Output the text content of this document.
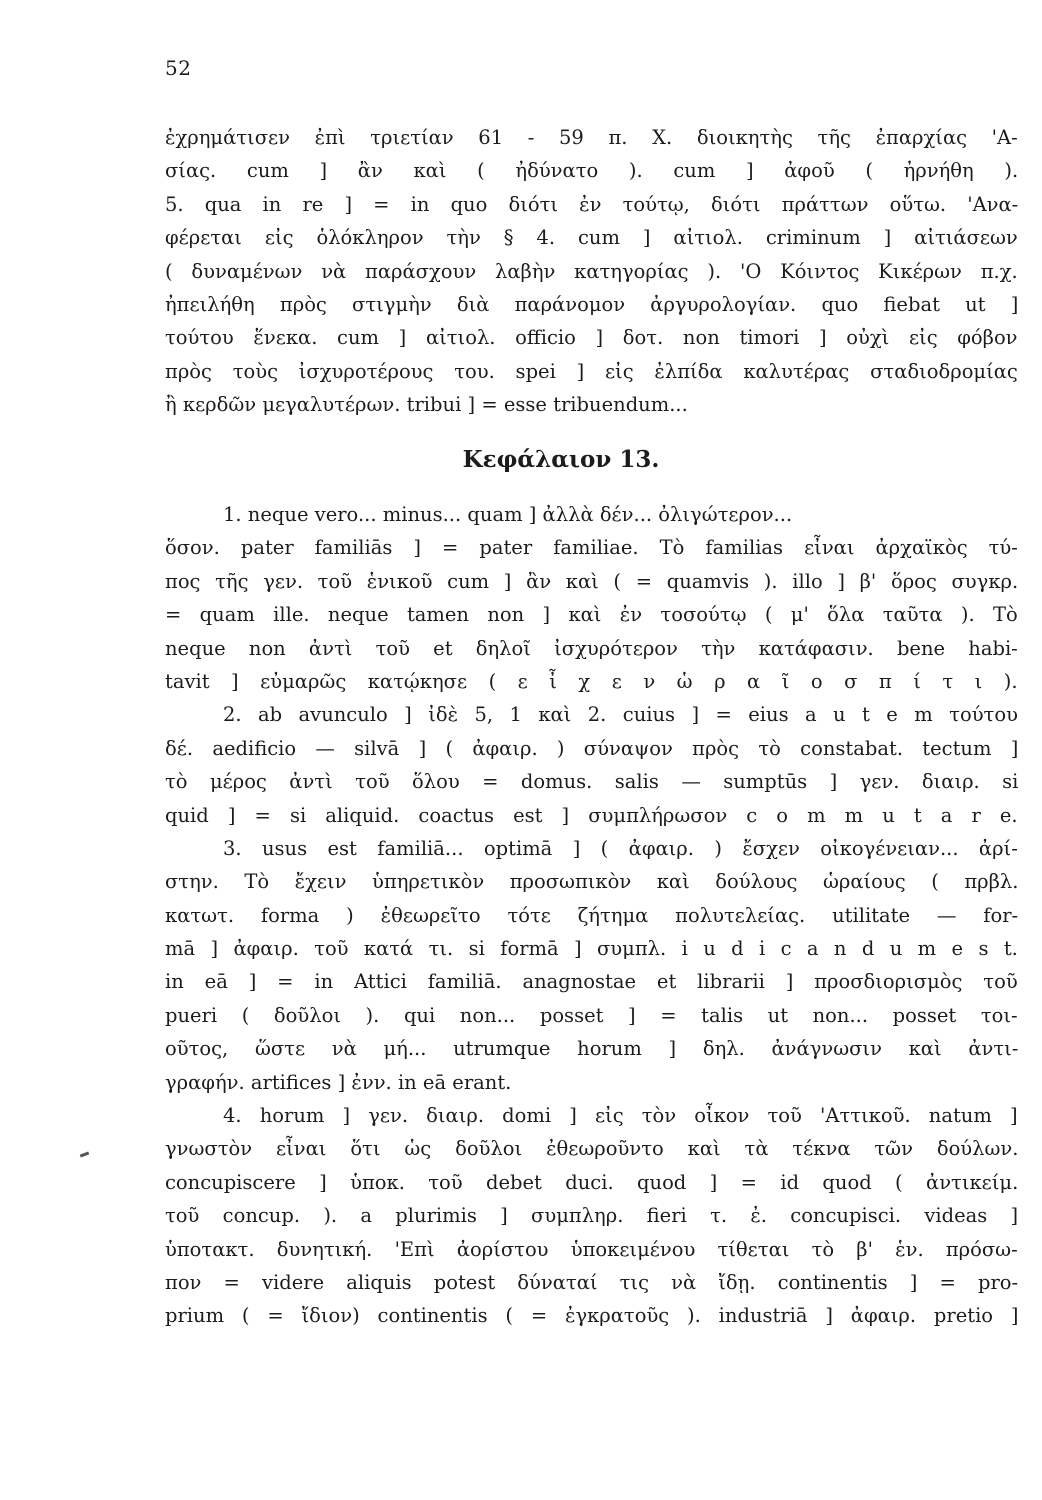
52
ἐχρημάτισεν ἐπὶ τριετίαν 61 - 59 π. Χ. διοικητὴς τῆς ἐπαρχίας 'Α-
σίας. cum ] ἂν καὶ ( ἠδύνατο ). cum ] ἀφοῦ ( ἠρνήθη ).
5. qua in re ] = in quo διότι ἐν τούτῳ, διότι πράττων οὕτω. 'Ανα-
φέρεται εἰς ὁλόκληρον τὴν § 4. cum ] αἰτιολ. criminum ] αἰτιάσεων
( δυναμένων νὰ παράσχουν λαβὴν κατηγορίας ). 'Ο Κόιντος Κικέρων π.χ.
ἠπειλήθη πρὸς στιγμὴν διὰ παράνομον ἀργυρολογίαν. quo fiebat ut ]
τούτου ἕνεκα. cum ] αἰτιολ. officio ] δοτ. non timori ] οὐχὶ εἰς φόβον
πρὸς τοὺς ἰσχυροτέρους του. spei ] εἰς ἐλπίδα καλυτέρας σταδιοδρομίας
ἢ κερδῶν μεγαλυτέρων. tribui ] = esse tribuendum...
Κεφάλαιον 13.
1. neque vero... minus... quam ] ἀλλὰ δέν... ὀλιγώτερον...
ὅσον. pater familiās ] = pater familiae. Τὸ familias εἶναι ἀρχαϊκὸς τύ-
πος τῆς γεν. τοῦ ἑνικοῦ cum ] ἂν καὶ ( = quamvis ). illo ] β' ὅρος συγκρ.
= quam ille. neque tamen non ] καὶ ἐν τοσούτῳ ( μ' ὅλα ταῦτα ). Τὸ
neque non ἀντὶ τοῦ et δηλοῖ ἰσχυρότερον τὴν κατάφασιν. bene habi-
tavit ] εὐμαρῶς κατῴκησε ( ε ἶ χ ε ν ὡ ρ α ῖ ο σ π ί τ ι ).
2. ab avunculo ] ἰδὲ 5, 1 καὶ 2. cuius ] = eius a u t e m τούτου
δέ. aedificio — silvā ] ( ἀφαιρ. ) σύναψον πρὸς τὸ constabat. tectum ]
τὸ μέρος ἀντὶ τοῦ ὅλου = domus. salis — sumptūs ] γεν. διαιρ. si
quid ] = si aliquid. coactus est ] συμπλήρωσον c o m m u t a r e.
3. usus est familiā... optimā ] ( ἀφαιρ. ) ἔσχεν οἰκογένειαν... ἀρί-
στην. Τὸ ἔχειν ὑπηρετικὸν προσωπικὸν καὶ δούλους ὡραίους ( πρβλ.
κατωτ. forma ) ἐθεωρεῖτο τότε ζήτημα πολυτελείας. utilitate — for-
mā ] ἀφαιρ. τοῦ κατά τι. si formā ] συμπλ. i u d i c a n d u m e s t.
in eā ] = in Attici familiā. anagnostae et librarii ] προσδιορισμὸς τοῦ
pueri ( δοῦλοι ). qui non... posset ] = talis ut non... posset τοι-
οῦτος, ὥστε νὰ μή... utrumque horum ] δηλ. ἀνάγνωσιν καὶ ἀντι-
γραφήν. artifices ] ἐνν. in eā erant.
4. horum ] γεν. διαιρ. domi ] εἰς τὸν οἶκον τοῦ 'Αττικοῦ. natum ]
γνωστὸν εἶναι ὅτι ὡς δοῦλοι ἐθεωροῦντο καὶ τὰ τέκνα τῶν δούλων.
concupiscere ] ὑποκ. τοῦ debet duci. quod ] = id quod ( ἀντικείμ.
τοῦ concup. ). a plurimis ] συμπληρ. fieri τ. ἐ. concupisci. videas ]
ὑποτακτ. δυνητική. 'Επὶ ἀορίστου ὑποκειμένου τίθεται τὸ β' ἑν. πρόσω-
πον = videre aliquis potest δύναταί τις νὰ ἴδῃ. continentis ] = pro-
prium ( = ἴδιον) continentis ( = ἐγκρατοῦς ). industriā ] ἀφαιρ. pretio ]
